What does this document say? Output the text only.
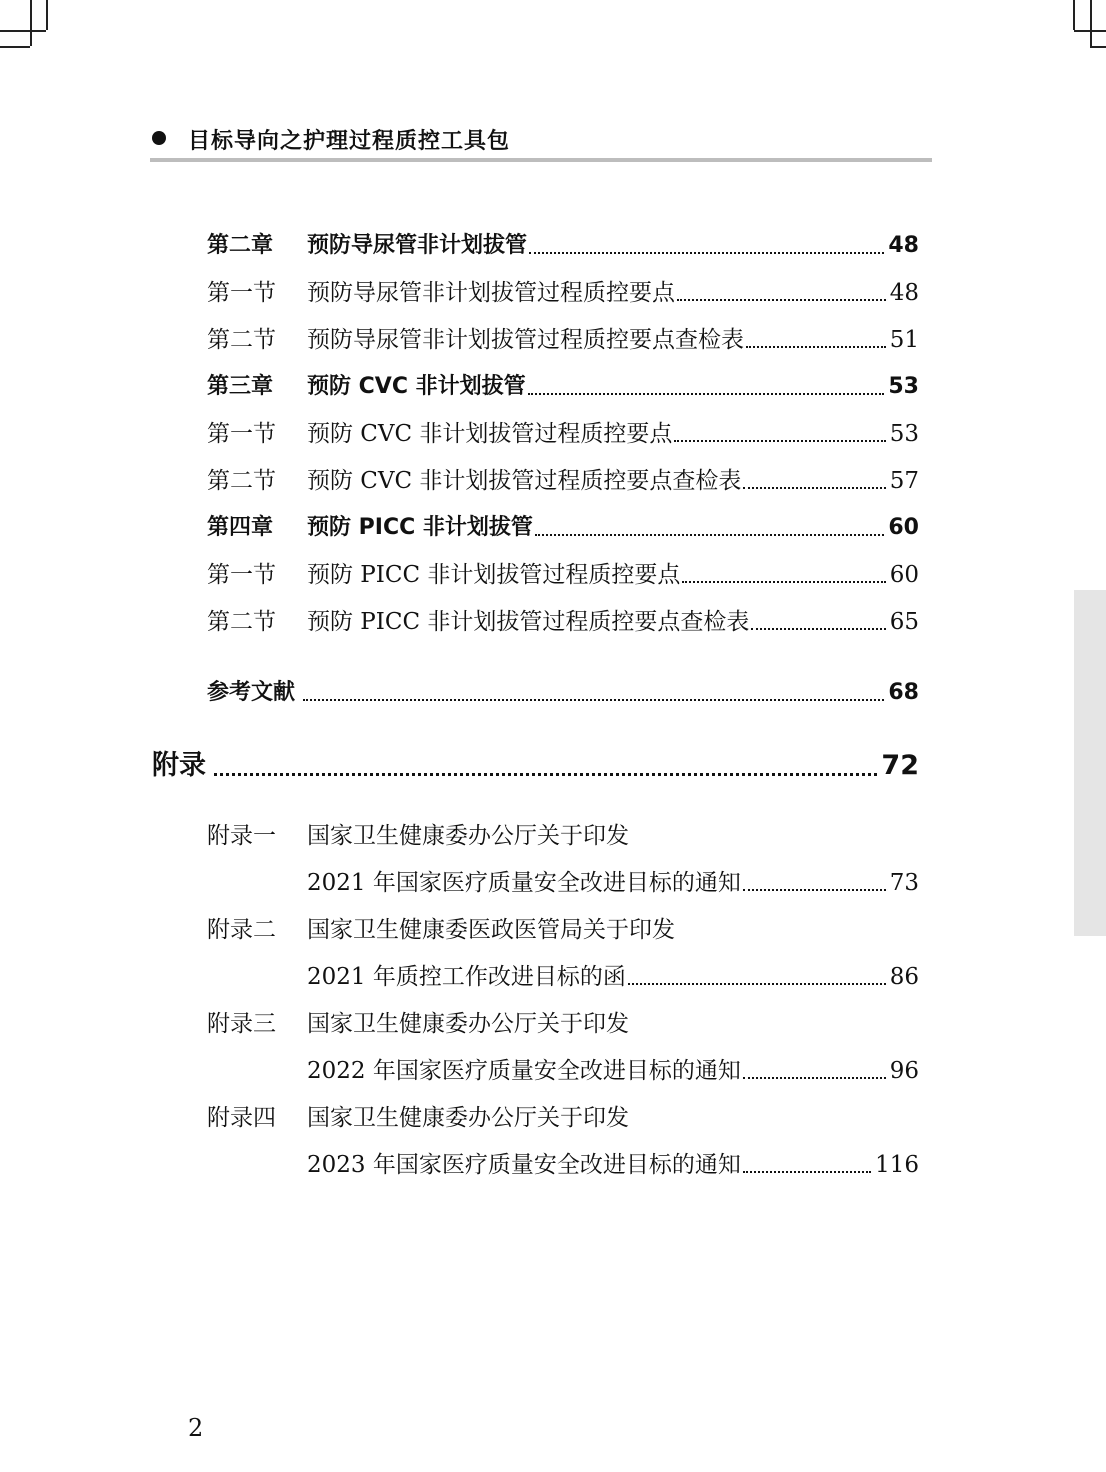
目标导向之护理过程质控工具包
第二章	预防导尿管非计划拔管	48
第一节	预防导尿管非计划拔管过程质控要点	48
第二节	预防导尿管非计划拔管过程质控要点查检表	51
第三章	预防 CVC 非计划拔管	53
第一节	预防 CVC 非计划拔管过程质控要点	53
第二节	预防 CVC 非计划拔管过程质控要点查检表	57
第四章	预防 PICC 非计划拔管	60
第一节	预防 PICC 非计划拔管过程质控要点	60
第二节	预防 PICC 非计划拔管过程质控要点查检表	65
参考文献	68
附录	72
附录一	国家卫生健康委办公厅关于印发
2021 年国家医疗质量安全改进目标的通知	73
附录二	国家卫生健康委医政医管局关于印发
2021 年质控工作改进目标的函	86
附录三	国家卫生健康委办公厅关于印发
2022 年国家医疗质量安全改进目标的通知	96
附录四	国家卫生健康委办公厅关于印发
2023 年国家医疗质量安全改进目标的通知	116
2
